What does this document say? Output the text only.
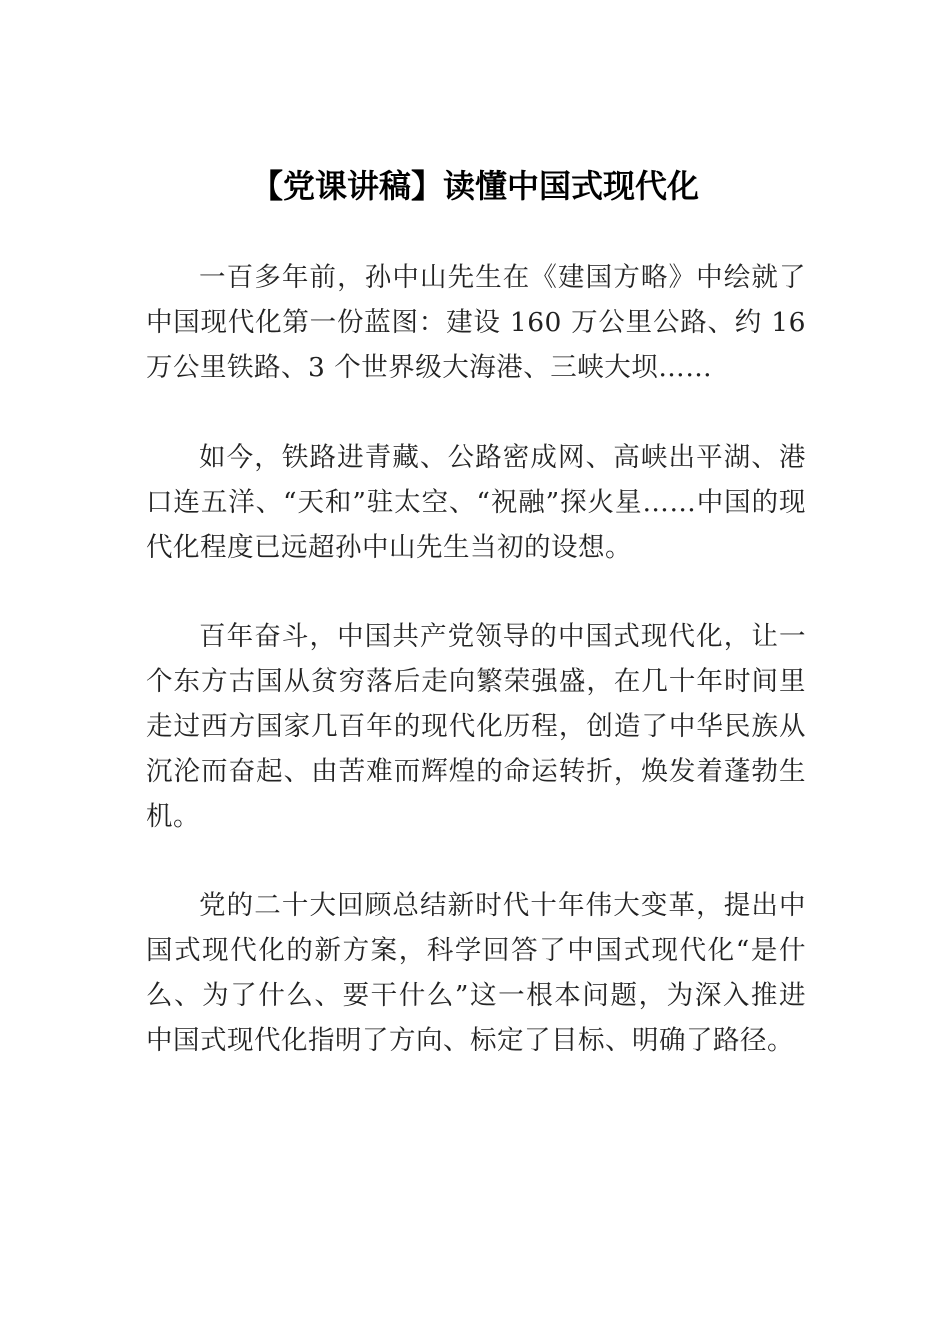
【党课讲稿】读懂中国式现代化

一百多年前，孙中山先生在《建国方略》中绘就了中国现代化第一份蓝图：建设 160 万公里公路、约 16 万公里铁路、3 个世界级大海港、三峡大坝……

如今，铁路进青藏、公路密成网、高峡出平湖、港口连五洋、“天和”驻太空、“祝融”探火星……中国的现代化程度已远超孙中山先生当初的设想。

百年奋斗，中国共产党领导的中国式现代化，让一个东方古国从贫穷落后走向繁荣强盛，在几十年时间里走过西方国家几百年的现代化历程，创造了中华民族从沉沦而奋起、由苦难而辉煌的命运转折，焕发着蓬勃生机。

党的二十大回顾总结新时代十年伟大变革，提出中国式现代化的新方案，科学回答了中国式现代化“是什么、为了什么、要干什么”这一根本问题，为深入推进中国式现代化指明了方向、标定了目标、明确了路径。
